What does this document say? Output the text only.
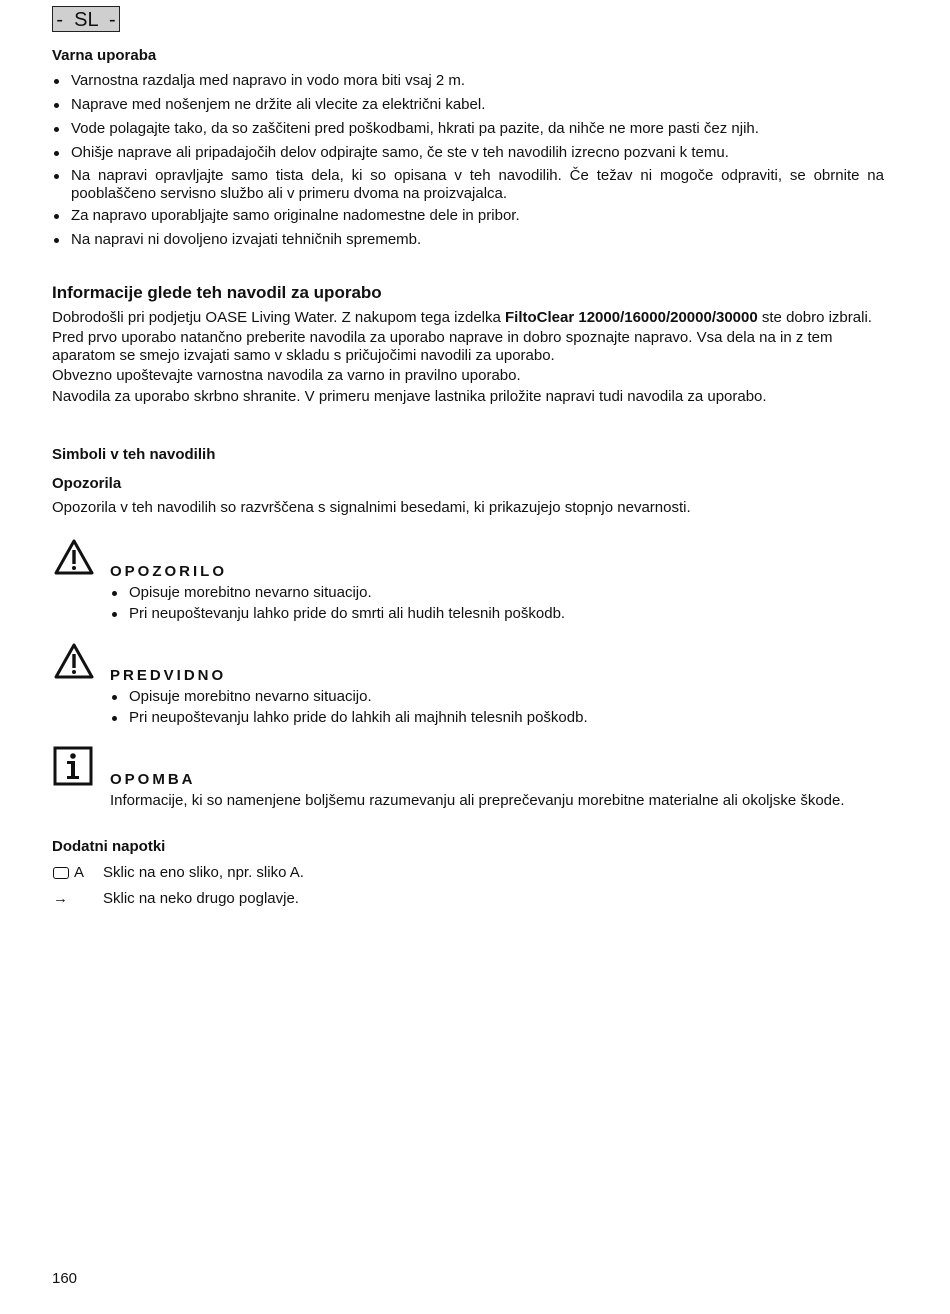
-  SL  -
Varna uporaba
Varnostna razdalja med napravo in vodo mora biti vsaj 2 m.
Naprave med nošenjem ne držite ali vlecite za električni kabel.
Vode polagajte tako, da so zaščiteni pred poškodbami, hkrati pa pazite, da nihče ne more pasti čez njih.
Ohišje naprave ali pripadajočih delov odpirajte samo, če ste v teh navodilih izrecno pozvani k temu.
Na napravi opravljajte samo tista dela, ki so opisana v teh navodilih. Če težav ni mogoče odpraviti, se obrnite na pooblaščeno servisno službo ali v primeru dvoma na proizvajalca.
Za napravo uporabljajte samo originalne nadomestne dele in pribor.
Na napravi ni dovoljeno izvajati tehničnih sprememb.
Informacije glede teh navodil za uporabo
Dobrodošli pri podjetju OASE Living Water. Z nakupom tega izdelka FiltoClear 12000/16000/20000/30000 ste dobro izbrali.
Pred prvo uporabo natančno preberite navodila za uporabo naprave in dobro spoznajte napravo. Vsa dela na in z tem aparatom se smejo izvajati samo v skladu s pričujočimi navodili za uporabo.
Obvezno upoštevajte varnostna navodila za varno in pravilno uporabo.
Navodila za uporabo skrbno shranite. V primeru menjave lastnika priložite napravi tudi navodila za uporabo.
Simboli v teh navodilih
Opozorila
Opozorila v teh navodilih so razvrščena s signalnimi besedami, ki prikazujejo stopnjo nevarnosti.
OPOZORILO
Opisuje morebitno nevarno situacijo.
Pri neupoštevanju lahko pride do smrti ali hudih telesnih poškodb.
PREDVIDNO
Opisuje morebitno nevarno situacijo.
Pri neupoštevanju lahko pride do lahkih ali majhnih telesnih poškodb.
OPOMBA
Informacije, ki so namenjene boljšemu razumevanju ali preprečevanju morebitne materialne ali okoljske škode.
Dodatni napotki
A Sklic na eno sliko, npr. sliko A.
→ Sklic na neko drugo poglavje.
160
